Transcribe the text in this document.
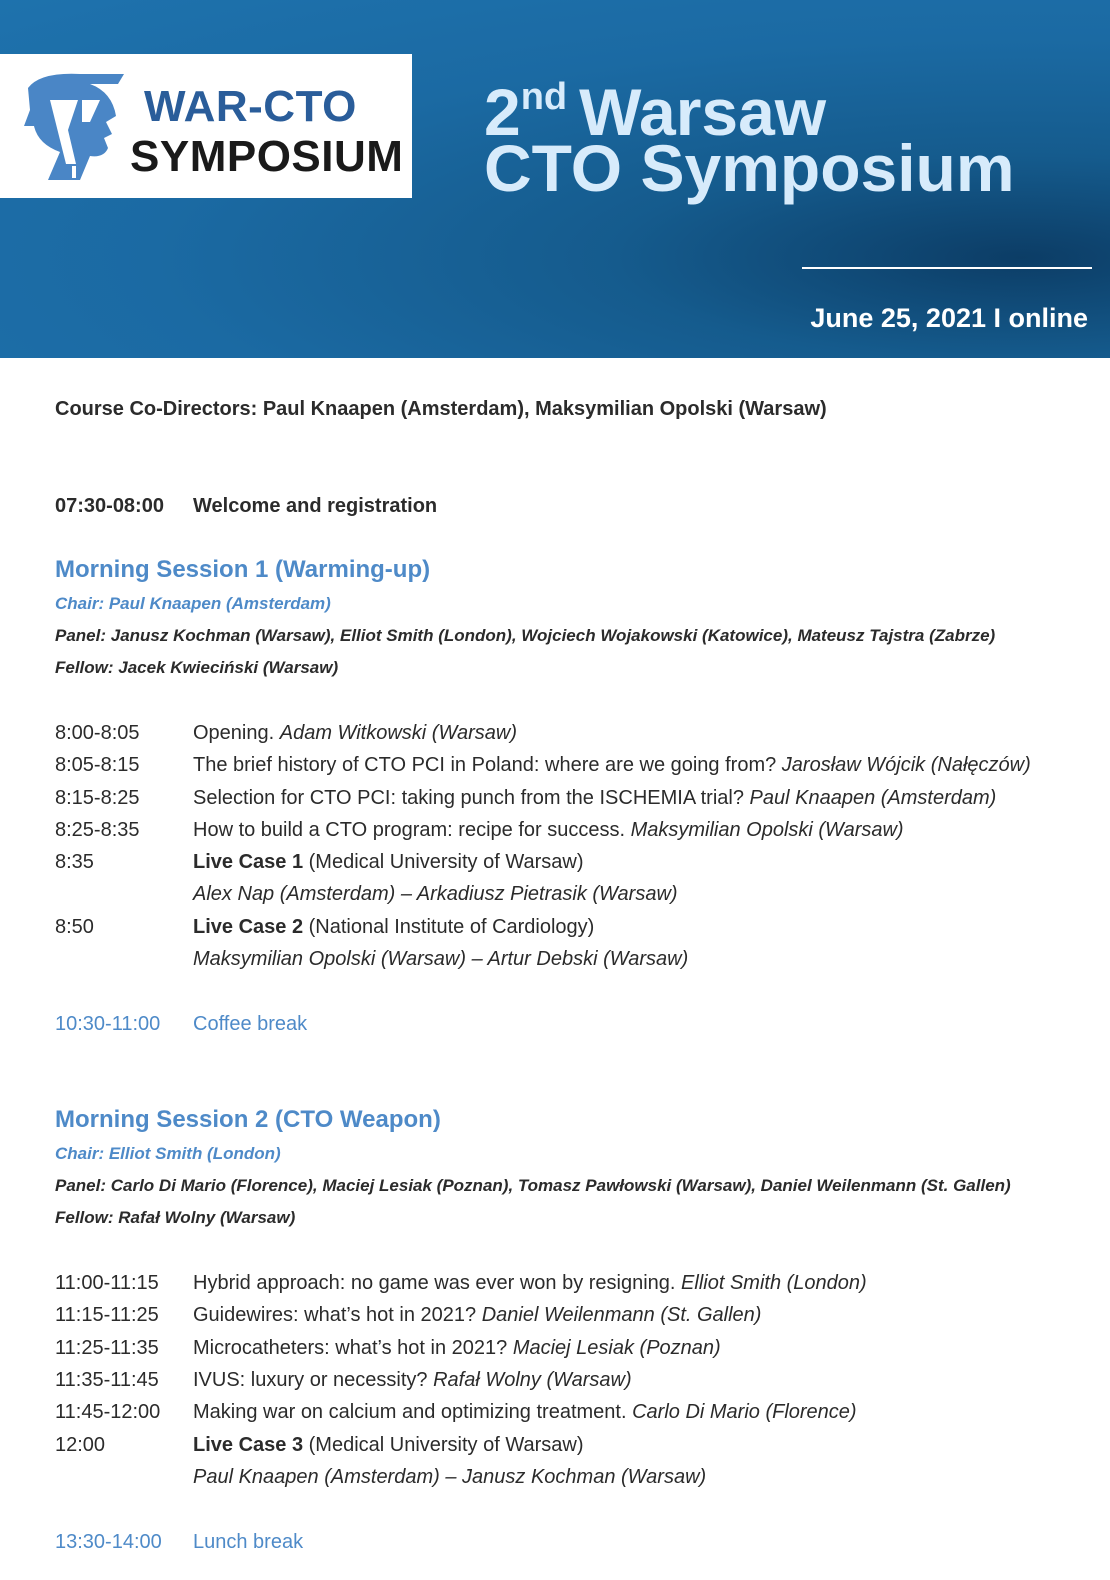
WAR-CTO
SYMPOSIUM
2nd Warsaw
CTO Symposium
June 25, 2021 I online
Course Co-Directors: Paul Knaapen (Amsterdam), Maksymilian Opolski (Warsaw)
07:30-08:00 Welcome and registration
Morning Session 1 (Warming-up)
Chair: Paul Knaapen (Amsterdam)
Panel: Janusz Kochman (Warsaw), Elliot Smith (London), Wojciech Wojakowski (Katowice), Mateusz Tajstra (Zabrze)
Fellow: Jacek Kwieciński (Warsaw)
8:00-8:05	Opening. Adam Witkowski (Warsaw)
8:05-8:15	The brief history of CTO PCI in Poland: where are we going from? Jarosław Wójcik (Nałęczów)
8:15-8:25	Selection for CTO PCI: taking punch from the ISCHEMIA trial? Paul Knaapen (Amsterdam)
8:25-8:35	How to build a CTO program: recipe for success. Maksymilian Opolski (Warsaw)
8:35	Live Case 1 (Medical University of Warsaw)
Alex Nap (Amsterdam) – Arkadiusz Pietrasik (Warsaw)
8:50	Live Case 2 (National Institute of Cardiology)
Maksymilian Opolski (Warsaw) – Artur Debski (Warsaw)
10:30-11:00 Coffee break
Morning Session 2 (CTO Weapon)
Chair: Elliot Smith (London)
Panel: Carlo Di Mario (Florence), Maciej Lesiak (Poznan), Tomasz Pawłowski (Warsaw), Daniel Weilenmann (St. Gallen)
Fellow: Rafał Wolny (Warsaw)
11:00-11:15 Hybrid approach: no game was ever won by resigning. Elliot Smith (London)
11:15-11:25 Guidewires: what’s hot in 2021? Daniel Weilenmann (St. Gallen)
11:25-11:35 Microcatheters: what’s hot in 2021? Maciej Lesiak (Poznan)
11:35-11:45 IVUS: luxury or necessity? Rafał Wolny (Warsaw)
11:45-12:00 Making war on calcium and optimizing treatment. Carlo Di Mario (Florence)
12:00	Live Case 3 (Medical University of Warsaw)
Paul Knaapen (Amsterdam) – Janusz Kochman (Warsaw)
13:30-14:00 Lunch break
